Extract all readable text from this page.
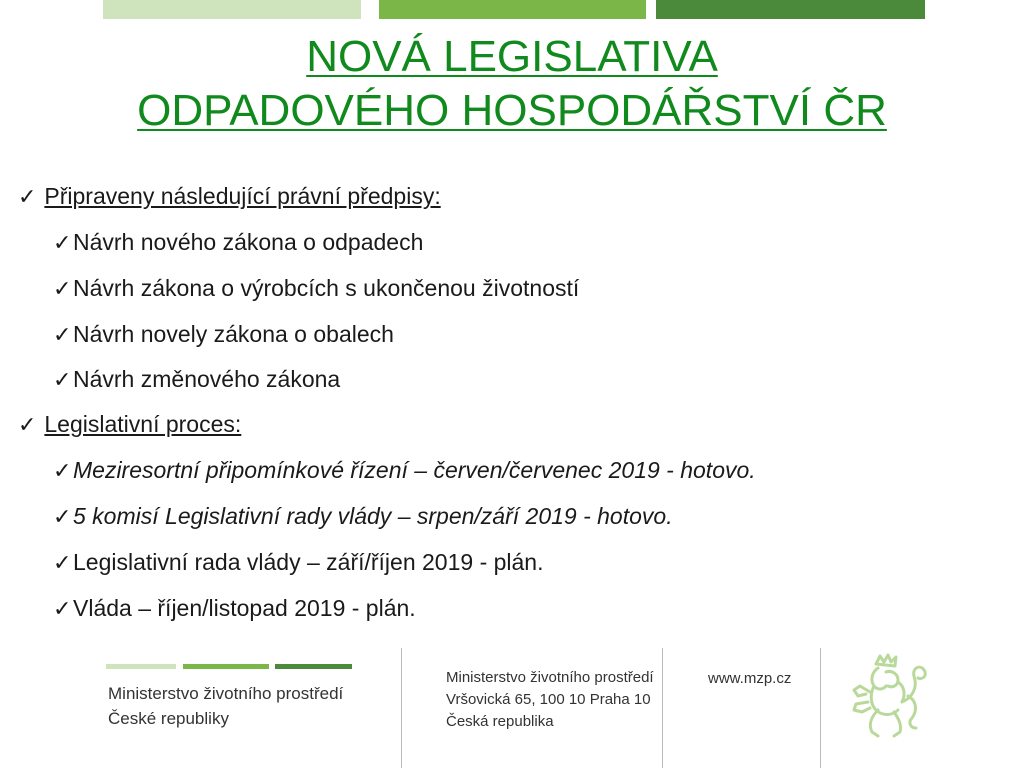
NOVÁ LEGISLATIVA
ODPADOVÉHO HOSPODÁŘSTVÍ ČR
✓ Připraveny následující právní předpisy:
✓Návrh nového zákona o odpadech
✓Návrh zákona o výrobcích s ukončenou životností
✓Návrh novely zákona o obalech
✓Návrh změnového zákona
✓ Legislativní proces:
✓Meziresortní připomínkové řízení – červen/červenec 2019 - hotovo.
✓5 komisí Legislativní rady vlády – srpen/září 2019 - hotovo.
✓Legislativní rada vlády – září/říjen 2019 - plán.
✓Vláda – říjen/listopad 2019 - plán.
Ministerstvo životního prostředí
České republiky
Ministerstvo životního prostředí
Vršovická 65, 100 10 Praha 10
Česká republika
www.mzp.cz
